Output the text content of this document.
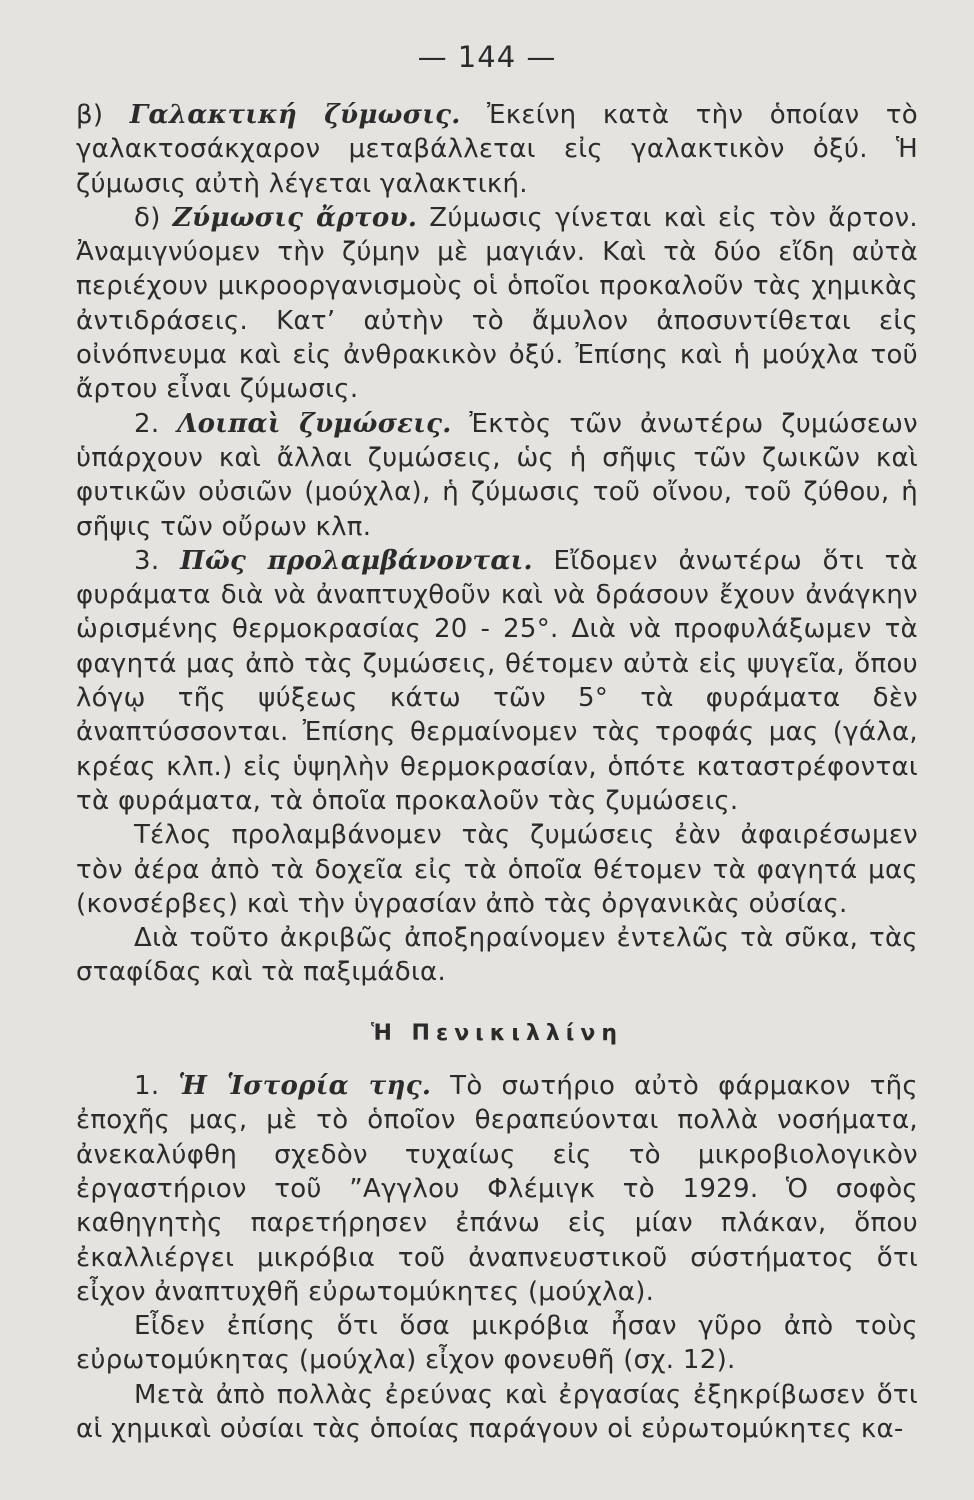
— 144 —

β) Γαλακτική ζύμωσις. Ἐκείνη κατὰ τὴν ὁποίαν τὸ γαλακτοσάκχαρον μεταβάλλεται εἰς γαλακτικὸν ὀξύ. Ἡ ζύμωσις αὐτὴ λέγεται γαλακτική.

δ) Ζύμωσις ἄρτου. Ζύμωσις γίνεται καὶ εἰς τὸν ἄρτον. Ἀναμιγνύομεν τὴν ζύμην μὲ μαγιάν. Καὶ τὰ δύο εἴδη αὐτὰ περιέχουν μικροοργανισμοὺς οἱ ὁποῖοι προκαλοῦν τὰς χημικὰς ἀντιδράσεις. Κατ’ αὐτὴν τὸ ἄμυλον ἀποσυντίθεται εἰς οἰνόπνευμα καὶ εἰς ἀνθρακικὸν ὀξύ. Ἐπίσης καὶ ἡ μούχλα τοῦ ἄρτου εἶναι ζύμωσις.

2. Λοιπαὶ ζυμώσεις. Ἐκτὸς τῶν ἀνωτέρω ζυμώσεων ὑπάρχουν καὶ ἄλλαι ζυμώσεις, ὡς ἡ σῆψις τῶν ζωικῶν καὶ φυτικῶν οὐσιῶν (μούχλα), ἡ ζύμωσις τοῦ οἴνου, τοῦ ζύθου, ἡ σῆψις τῶν οὔρων κλπ.

3. Πῶς προλαμβάνονται. Εἴδομεν ἀνωτέρω ὅτι τὰ φυράματα διὰ νὰ ἀναπτυχθοῦν καὶ νὰ δράσουν ἔχουν ἀνάγκην ὡρισμένης θερμοκρασίας 20 - 25°. Διὰ νὰ προφυλάξωμεν τὰ φαγητά μας ἀπὸ τὰς ζυμώσεις, θέτομεν αὐτὰ εἰς ψυγεῖα, ὅπου λόγῳ τῆς ψύξεως κάτω τῶν 5° τὰ φυράματα δὲν ἀναπτύσσονται. Ἐπίσης θερμαίνομεν τὰς τροφάς μας (γάλα, κρέας κλπ.) εἰς ὑψηλὴν θερμοκρασίαν, ὁπότε καταστρέφονται τὰ φυράματα, τὰ ὁποῖα προκαλοῦν τὰς ζυμώσεις.

Τέλος προλαμβάνομεν τὰς ζυμώσεις ἐὰν ἀφαιρέσωμεν τὸν ἀέρα ἀπὸ τὰ δοχεῖα εἰς τὰ ὁποῖα θέτομεν τὰ φαγητά μας (κονσέρβες) καὶ τὴν ὑγρασίαν ἀπὸ τὰς ὀργανικὰς οὐσίας.

Διὰ τοῦτο ἀκριβῶς ἀποξηραίνομεν ἐντελῶς τὰ σῦκα, τὰς σταφίδας καὶ τὰ παξιμάδια.

Ἡ Πενικιλλίνη

1. Ἡ Ἱστορία της. Τὸ σωτήριο αὐτὸ φάρμακον τῆς ἐποχῆς μας, μὲ τὸ ὁποῖον θεραπεύονται πολλὰ νοσήματα, ἀνεκαλύφθη σχεδὸν τυχαίως εἰς τὸ μικροβιολογικὸν ἐργαστήριον τοῦ ”Αγγλου Φλέμιγκ τὸ 1929. Ὁ σοφὸς καθηγητὴς παρετήρησεν ἐπάνω εἰς μίαν πλάκαν, ὅπου ἐκαλλιέργει μικρόβια τοῦ ἀναπνευστικοῦ σύστήματος ὅτι εἶχον ἀναπτυχθῆ εὐρωτομύκητες (μούχλα).

Εἶδεν ἐπίσης ὅτι ὅσα μικρόβια ἦσαν γῦρο ἀπὸ τοὺς εὐρωτομύκητας (μούχλα) εἶχον φονευθῆ (σχ. 12).

Μετὰ ἀπὸ πολλὰς ἐρεύνας καὶ ἐργασίας ἐξηκρίβωσεν ὅτι αἱ χημικαὶ οὐσίαι τὰς ὁποίας παράγουν οἱ εὐρωτομύκητες κα-
